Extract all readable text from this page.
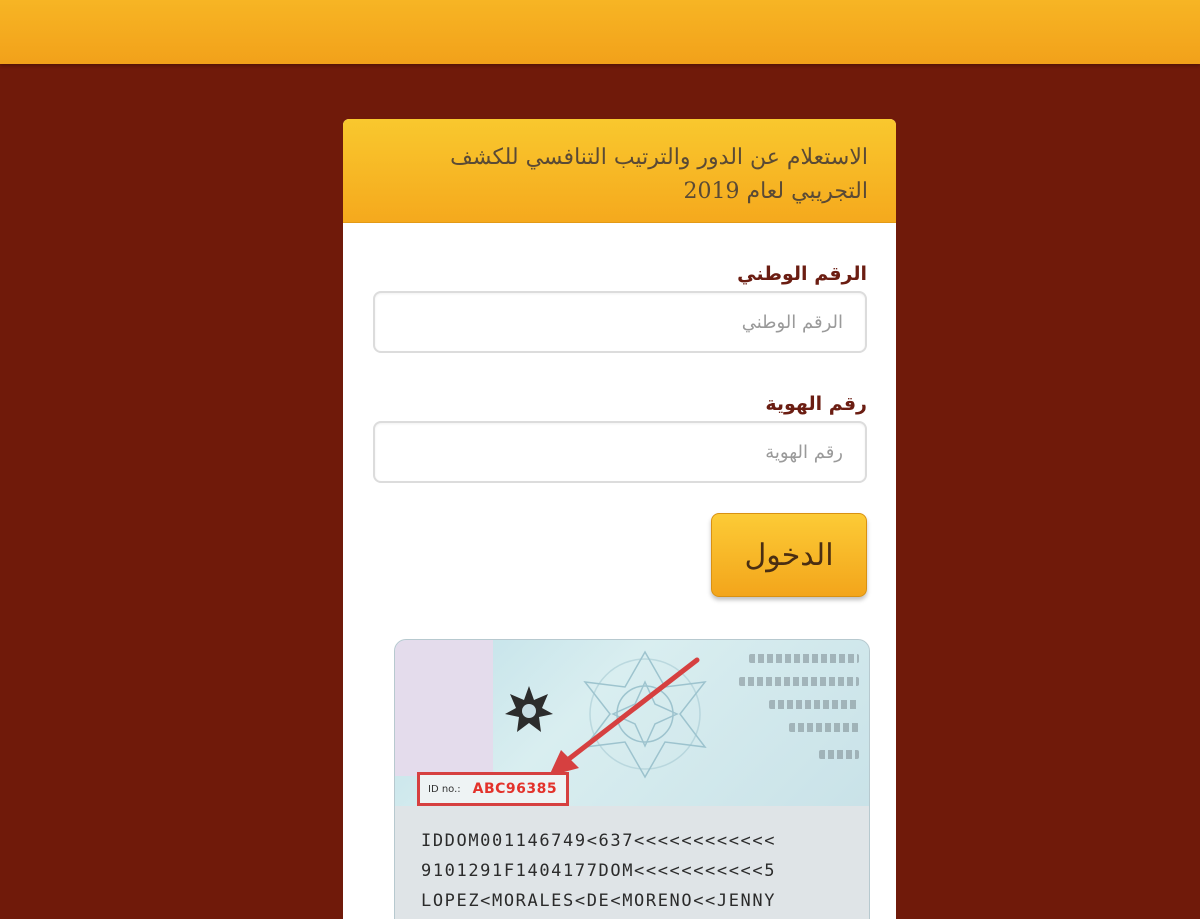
الاستعلام عن الدور والترتيب التنافسي للكشف التجريبي لعام 2019
الرقم الوطني
الرقم الوطني
رقم الهوية
رقم الهوية
الدخول
ID no.: ABC96385
IDDOM001146749<637<<<<<<<<<<<<
9101291F1404177DOM<<<<<<<<<<<5
LOPEZ<MORALES<DE<MORENO<<JENNY
